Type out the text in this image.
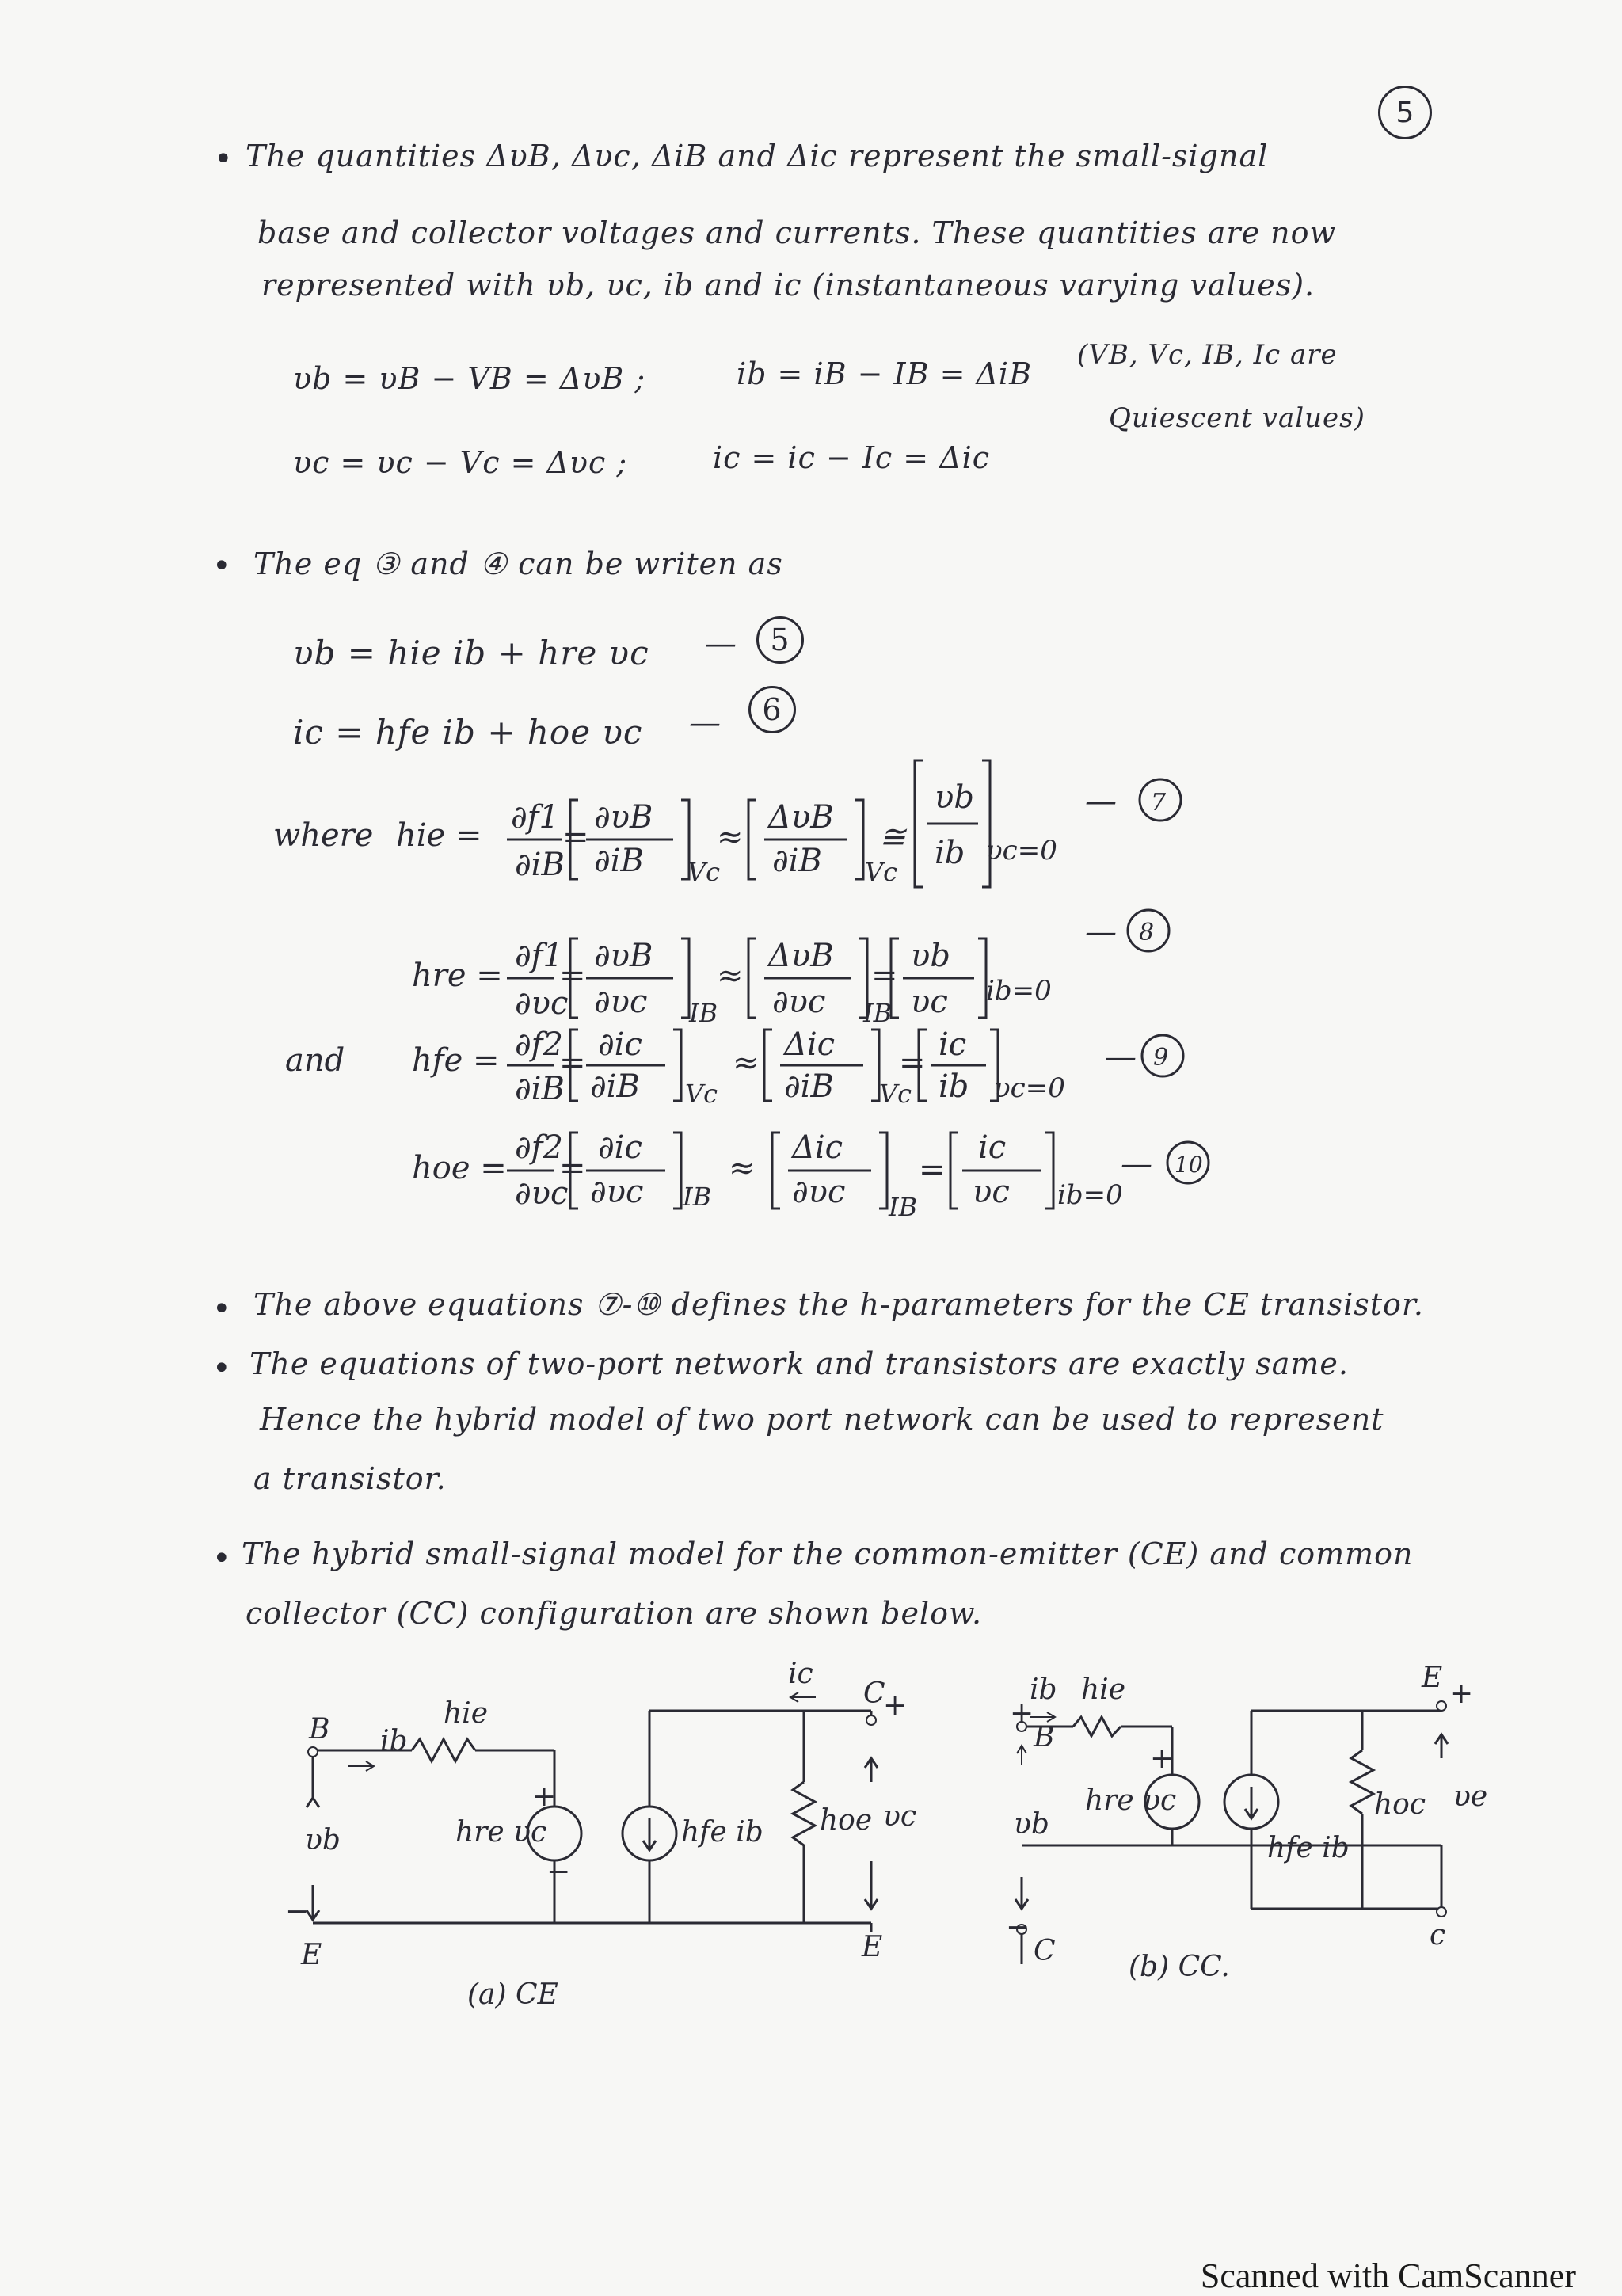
5
• The quantities ΔυB, Δυc, ΔiB and Δic represent the small-signal
base and collector voltages and currents. These quantities are now
represented with υb, υc, ib and ic (instantaneous varying values).
υb = υB − VB = ΔυB ;	ib = iB − IB = ΔiB
(VB, Vc, IB, Ic are
υc = υc − Vc = Δυc ;	ic = ic − Ic = Δic
Quiescent values)
• The eq ③ and ④ can be writen as
υb = hie ib + hre υc —	5
ic = hfe ib + hoe υc —	6
where hie = ∂f1
∂iB
=
∂υB
∂iB Vc
≈
ΔυB
∂iB Vc
≅
υb
ib υc=0
— 7
hre =
∂f1
∂υc
=
∂υB
∂υc IB
≈
ΔυB
∂υc IB
=
υb
υc ib=0
— 8
and hfe = ∂f2
∂iB
= ∂ic
∂iB Vc
≈ Δic
∂iB Vc
= ic
ib υc=0
— 9
hoe =
∂f2
∂υc
=
∂ic
∂υc IB
≈
Δic
∂υc IB
=
ic
υc ib=0
— 10
• The above equations ⑦-⑩ defines the h-parameters for the CE transistor.
• The equations of two-port network and transistors are exactly same.
Hence the hybrid model of two port network can be used to represent
a transistor.
• The hybrid small-signal model for the common-emitter (CE) and common
collector (CC) configuration are shown below.
B ib
hie
υb
E
−
+
−
hre υc	hfe ib hoe
ic
C
+
υc
E
(a) CE
ib hie
B
+
υb
C
−
+
hre υc
hfe ib
hoc
E +
υe
c
(b) CC.
Scanned with CamScanner
